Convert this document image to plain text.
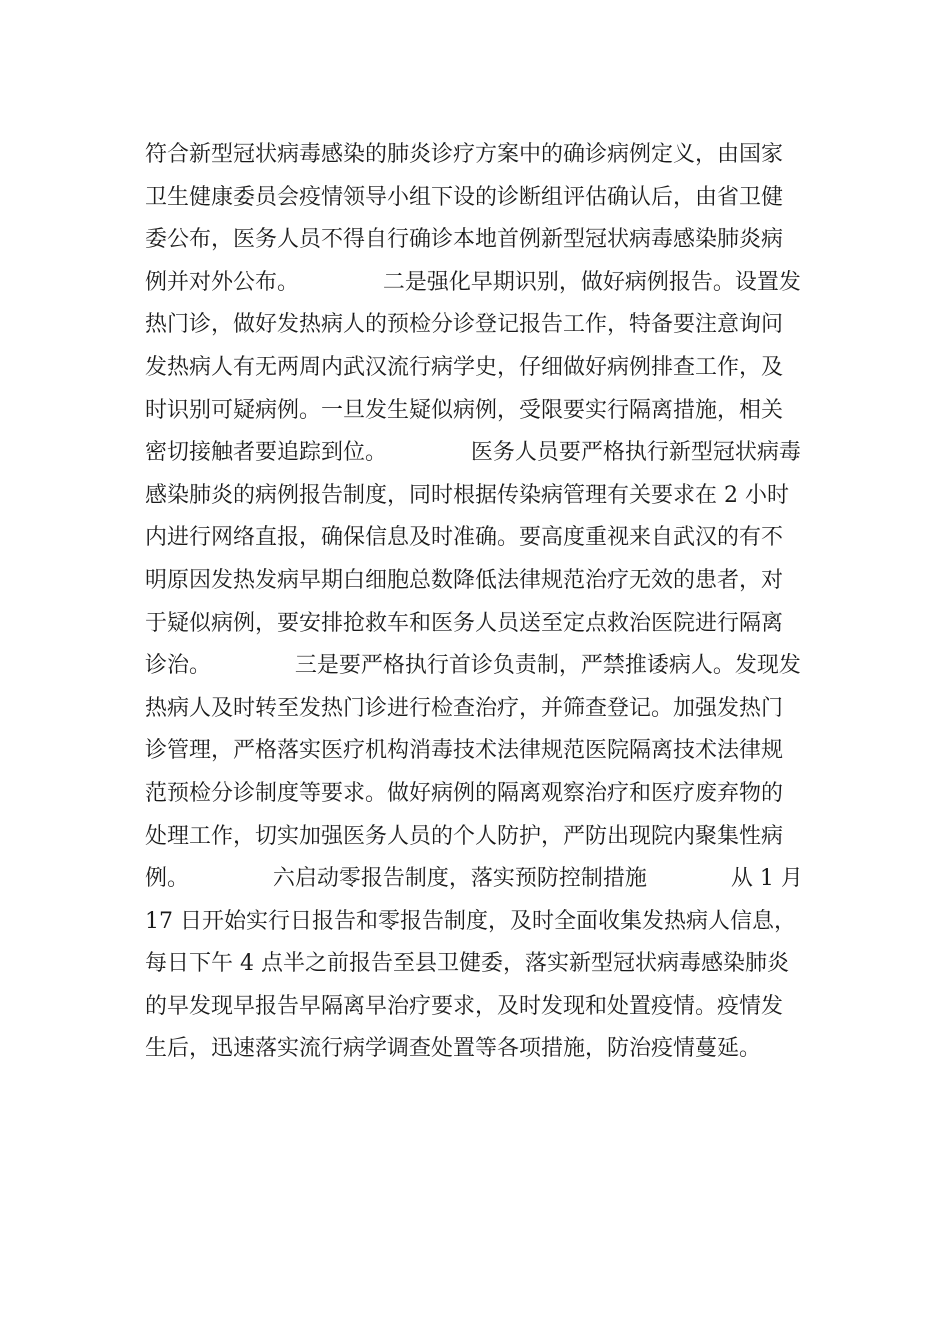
符合新型冠状病毒感染的肺炎诊疗方案中的确诊病例定义，由国家
卫生健康委员会疫情领导小组下设的诊断组评估确认后，由省卫健
委公布，医务人员不得自行确诊本地首例新型冠状病毒感染肺炎病
例并对外公布。            二是强化早期识别，做好病例报告。设置发
热门诊，做好发热病人的预检分诊登记报告工作，特备要注意询问
发热病人有无两周内武汉流行病学史，仔细做好病例排查工作，及
时识别可疑病例。一旦发生疑似病例，受限要实行隔离措施，相关
密切接触者要追踪到位。            医务人员要严格执行新型冠状病毒
感染肺炎的病例报告制度，同时根据传染病管理有关要求在 2 小时
内进行网络直报，确保信息及时准确。要高度重视来自武汉的有不
明原因发热发病早期白细胞总数降低法律规范治疗无效的患者，对
于疑似病例，要安排抢救车和医务人员送至定点救治医院进行隔离
诊治。            三是要严格执行首诊负责制，严禁推诿病人。发现发
热病人及时转至发热门诊进行检查治疗，并筛查登记。加强发热门
诊管理，严格落实医疗机构消毒技术法律规范医院隔离技术法律规
范预检分诊制度等要求。做好病例的隔离观察治疗和医疗废弃物的
处理工作，切实加强医务人员的个人防护，严防出现院内聚集性病
例。            六启动零报告制度，落实预防控制措施            从 1 月
17 日开始实行日报告和零报告制度，及时全面收集发热病人信息，
每日下午 4 点半之前报告至县卫健委，落实新型冠状病毒感染肺炎
的早发现早报告早隔离早治疗要求，及时发现和处置疫情。疫情发
生后，迅速落实流行病学调查处置等各项措施，防治疫情蔓延。
